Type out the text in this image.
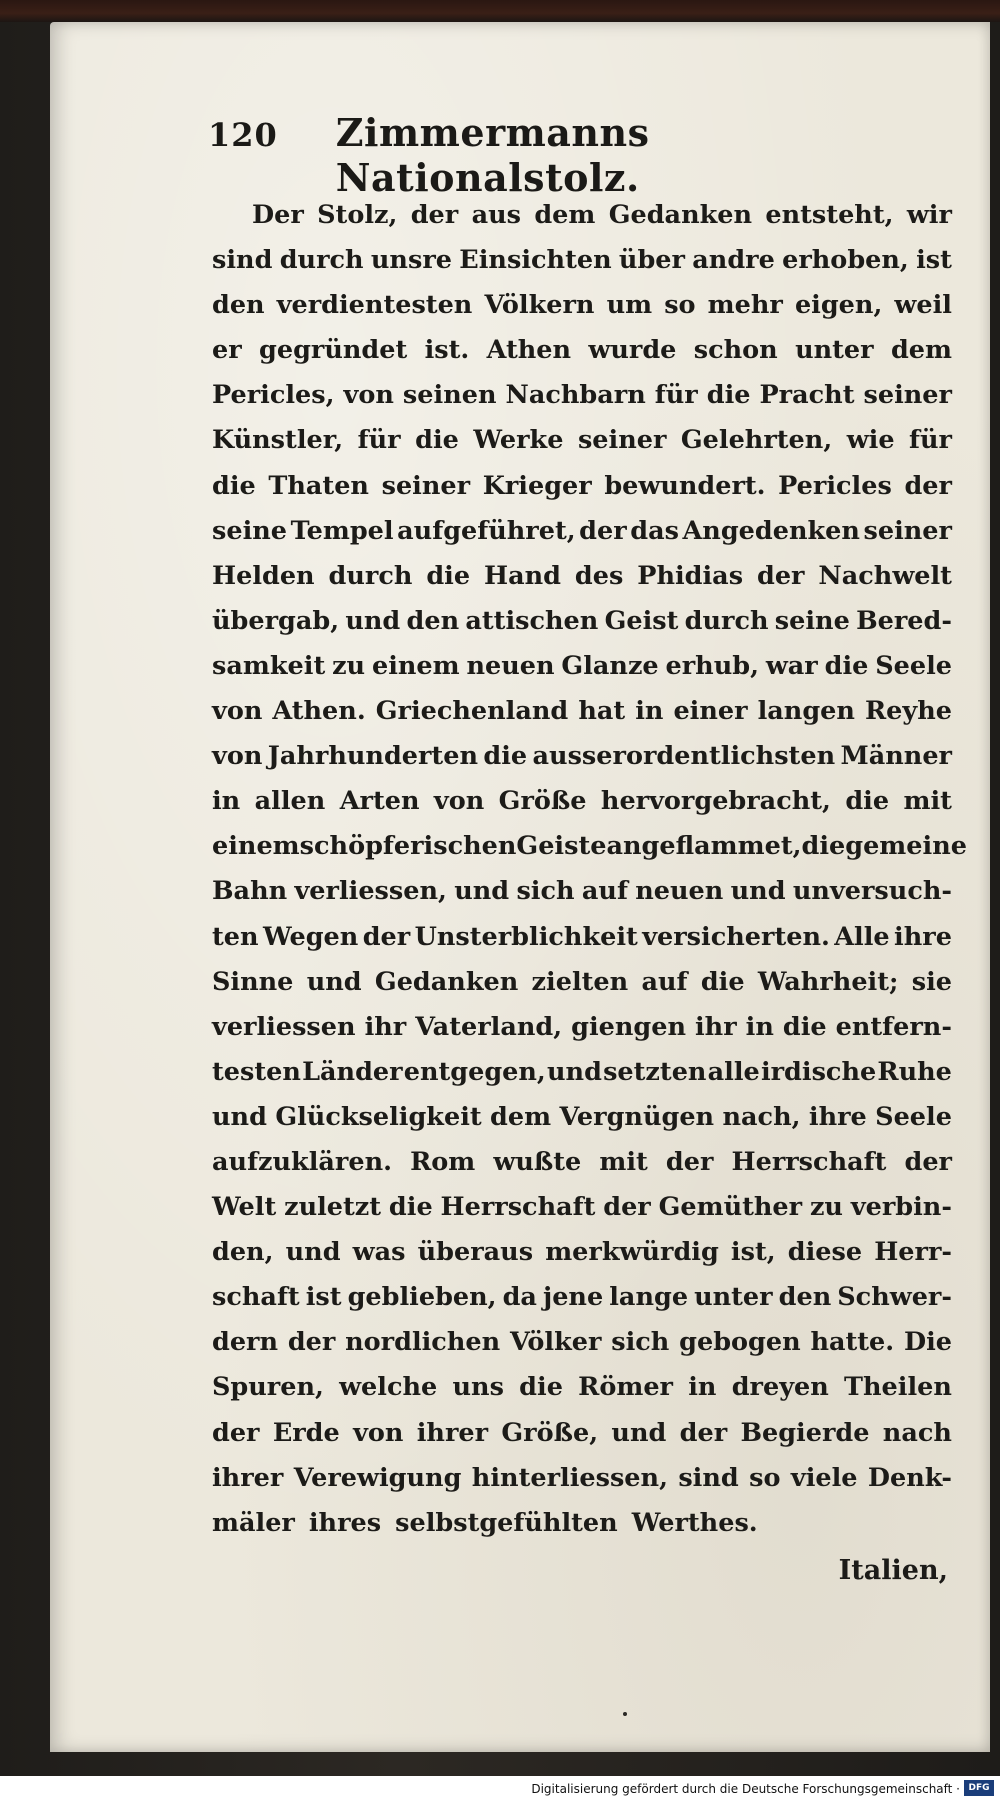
120 Zimmermanns Nationalstolz.
Der Stolz, der aus dem Gedanken entsteht, wir
sind durch unsre Einsichten über andre erhoben, ist
den verdientesten Völkern um so mehr eigen, weil
er gegründet ist. Athen wurde schon unter dem
Pericles, von seinen Nachbarn für die Pracht seiner
Künstler, für die Werke seiner Gelehrten, wie für
die Thaten seiner Krieger bewundert. Pericles der
seine Tempel aufgeführet, der das Angedenken seiner
Helden durch die Hand des Phidias der Nachwelt
übergab, und den attischen Geist durch seine Bered-
samkeit zu einem neuen Glanze erhub, war die Seele
von Athen. Griechenland hat in einer langen Reyhe
von Jahrhunderten die ausserordentlichsten Männer
in allen Arten von Größe hervorgebracht, die mit
einem schöpferischen Geiste angeflammet, die gemeine
Bahn verliessen, und sich auf neuen und unversuch-
ten Wegen der Unsterblichkeit versicherten. Alle ihre
Sinne und Gedanken zielten auf die Wahrheit; sie
verliessen ihr Vaterland, giengen ihr in die entfern-
testen Länder entgegen, und setzten alle irdische Ruhe
und Glückseligkeit dem Vergnügen nach, ihre Seele
aufzuklären. Rom wußte mit der Herrschaft der
Welt zuletzt die Herrschaft der Gemüther zu verbin-
den, und was überaus merkwürdig ist, diese Herr-
schaft ist geblieben, da jene lange unter den Schwer-
dern der nordlichen Völker sich gebogen hatte. Die
Spuren, welche uns die Römer in dreyen Theilen
der Erde von ihrer Größe, und der Begierde nach
ihrer Verewigung hinterliessen, sind so viele Denk-
mäler ihres selbstgefühlten Werthes.
Italien,
Digitalisierung gefördert durch die Deutsche Forschungsgemeinschaft · DFG
